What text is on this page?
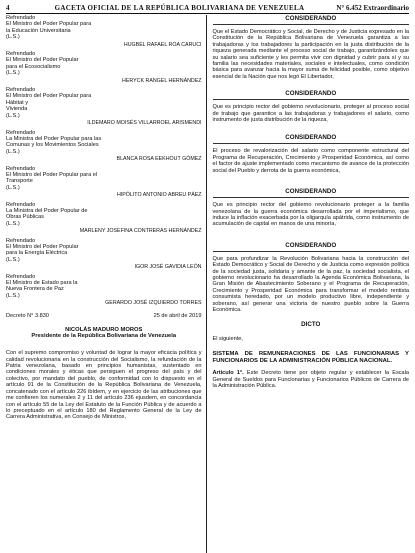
4	GACETA OFICIAL DE LA REPÚBLICA BOLIVARIANA DE VENEZUELA	N° 6.452 Extraordinario
Refrendado
El Ministro del Poder Popular para
la Educación Universitaria
(L.S.)
HUGBEL RAFAEL ROA CARUCI
Refrendado
El Ministro del Poder Popular
para el Ecosocialismo
(L.S.)
HERYCK RANGEL HERNÁNDEZ
Refrendado
El Ministro del Poder Popular para
Hábitat y
Vivienda
(L.S.)
ILDEMARO MOISÉS VILLARROEL ARISMENDI
Refrendado
La Ministra del Poder Popular para las
Comunas y los Movimientos Sociales
(L.S.)
BLANCA ROSA EEKHOUT GÓMEZ
Refrendado
El Ministro del Poder Popular para el
Transporte
(L.S.)
HIPÓLITO ANTONIO ABREU PÁEZ
Refrendado
La Ministra del Poder Popular de
Obras Públicas
(L.S.)
MARLENY JOSEFINA CONTRERAS HERNÁNDEZ
Refrendado
El Ministro del Poder Popular
para la Energía Eléctrica
(L.S.)
IGOR JOSÉ GAVIDIA LEÓN
Refrendado
El Ministro de Estado para la
Nueva Frontera de Paz
(L.S.)
GERARDO JOSÉ IZQUIERDO TORRES
Decreto N° 3.830	25 de abril de 2019
NICOLÁS MADURO MOROS
Presidente de la República Bolivariana de Venezuela
Con el supremo compromiso y voluntad de lograr la mayor eficacia política y calidad revolucionaria en la construcción del Socialismo, la refundación de la Patria venezolana, basado en principios humanistas, sustentado en condiciones morales y éticas que persiguen el progreso del país y del colectivo, por mandato del pueblo, de conformidad con lo dispuesto en el artículo 91 de la Constitución de la República Bolivariana de Venezuela, concatenado con el artículo 226 ibídem, y en ejercicio de las atribuciones que me confieren los numerales 2 y 11 del artículo 236 ejusdem, en concordancia con el artículo 55 de la Ley del Estatuto de la Función Pública y de acuerdo a lo preceptuado en el artículo 180 del Reglamento General de la Ley de Carrera Administrativa, en Consejo de Ministros,
CONSIDERANDO
Que el Estado Democrático y Social, de Derecho y de Justicia expresado en la Constitución de la República Bolivariana de Venezuela garantiza a las trabajadoras y los trabajadores la participación en la justa distribución de la riqueza generada mediante el proceso social de trabajo, garantizándoles que su salario sea suficiente y les permita vivir con dignidad y cubrir para sí y su familia las necesidades materiales, sociales e intelectuales, como condición básica para avanzar hacia la mayor suma de felicidad posible, como objetivo esencial de la Nación que nos legó El Libertador,
CONSIDERANDO
Que es principio rector del gobierno revolucionario, proteger al proceso social de trabajo que garantice a las trabajadoras y trabajadores el salario, como instrumento de justa distribución de la riqueza,
CONSIDERANDO
El proceso de revalorización del salario como componente estructural del Programa de Recuperación, Crecimiento y Prosperidad Económica, así como el factor de ajuste implementado como mecanismo de avance de la protección social del Pueblo y derrota de la guerra económica,
CONSIDERANDO
Que es principio rector del gobierno revolucionario proteger a la familia venezolana de la guerra económica desarrollada por el imperialismo, que induce la inflación exacerbada por la oligarquía apátrida, como instrumento de acumulación de capital en manos de una minoría,
CONSIDERANDO
Que para profundizar la Revolución Bolivariana hacia la construcción del Estado Democrático y Social de Derecho y de Justicia como expresión política de la sociedad justa, solidaria y amante de la paz, la sociedad socialista, el gobierno revolucionario ha desarrollado la Agenda Económica Bolivariana, la Gran Misión de Abastecimiento Soberano y el Programa de Recuperación, Crecimiento y Prosperidad Económica para transformar el modelo rentista consumista heredado, por un modelo productivo libre, independiente y soberano, así generar una victoria de nuestro pueblo sobre la Guerra Económica.
DICTO
El siguiente,
SISTEMA DE REMUNERACIONES DE LAS FUNCIONARIAS Y FUNCIONARIOS DE LA ADMINISTRACIÓN PÚBLICA NACIONAL.
Artículo 1°. Este Decreto tiene por objeto regular y establecer la Escala General de Sueldos para Funcionarias y Funcionarios Públicos de Carrera de la Administración Pública.
